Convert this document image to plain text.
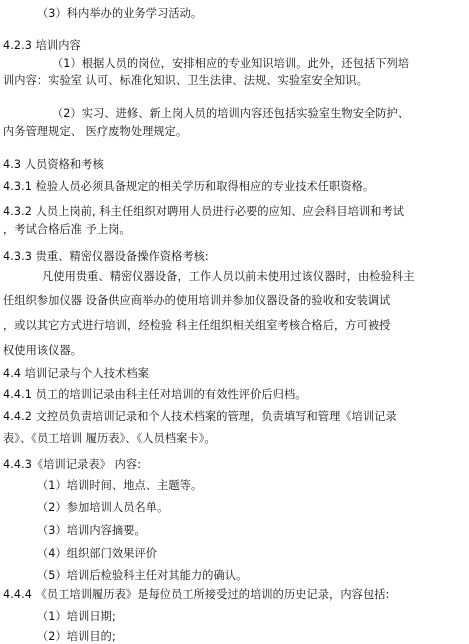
（3）科内举办的业务学习活动。
4.2.3 培训内容
（1）根据人员的岗位，安排相应的专业知识培训。此外，还包括下列培
训内容：实验室 认可、标准化知识、卫生法律、法规、实验室安全知识。
（2）实习、进修、新上岗人员的培训内容还包括实验室生物安全防护、
内务管理规定、 医疗废物处理规定。
4.3 人员资格和考核
4.3.1 检验人员必须具备规定的相关学历和取得相应的专业技术任职资格。
4.3.2 人员上岗前, 科主任组织对聘用人员进行必要的应知、应会科目培训和考试
，考试合格后准 予上岗。
4.3.3 贵重、精密仪器设备操作资格考核:
凡使用贵重、精密仪器设备，工作人员以前未使用过该仪器时，由检验科主
任组织参加仪器 设备供应商举办的使用培训并参加仪器设备的验收和安装调试
，或以其它方式进行培训，经检验 科主任组织相关组室考核合格后，方可被授
权使用该仪器。
4.4 培训记录与个人技术档案
4.4.1 员工的培训记录由科主任对培训的有效性评价后归档。
4.4.2 文控员负责培训记录和个人技术档案的管理，负责填写和管理《培训记录
表》、《员工培训 履历表》、《人员档案卡》。
4.4.3《培训记录表》 内容:
（1）培训时间、地点、主题等。
（2）参加培训人员名单。
（3）培训内容摘要。
（4）组织部门效果评价
（5）培训后检验科主任对其能力的确认。
4.4.4 《员工培训履历表》是每位员工所接受过的培训的历史记录，内容包括:
（1）培训日期;
（2）培训目的;
